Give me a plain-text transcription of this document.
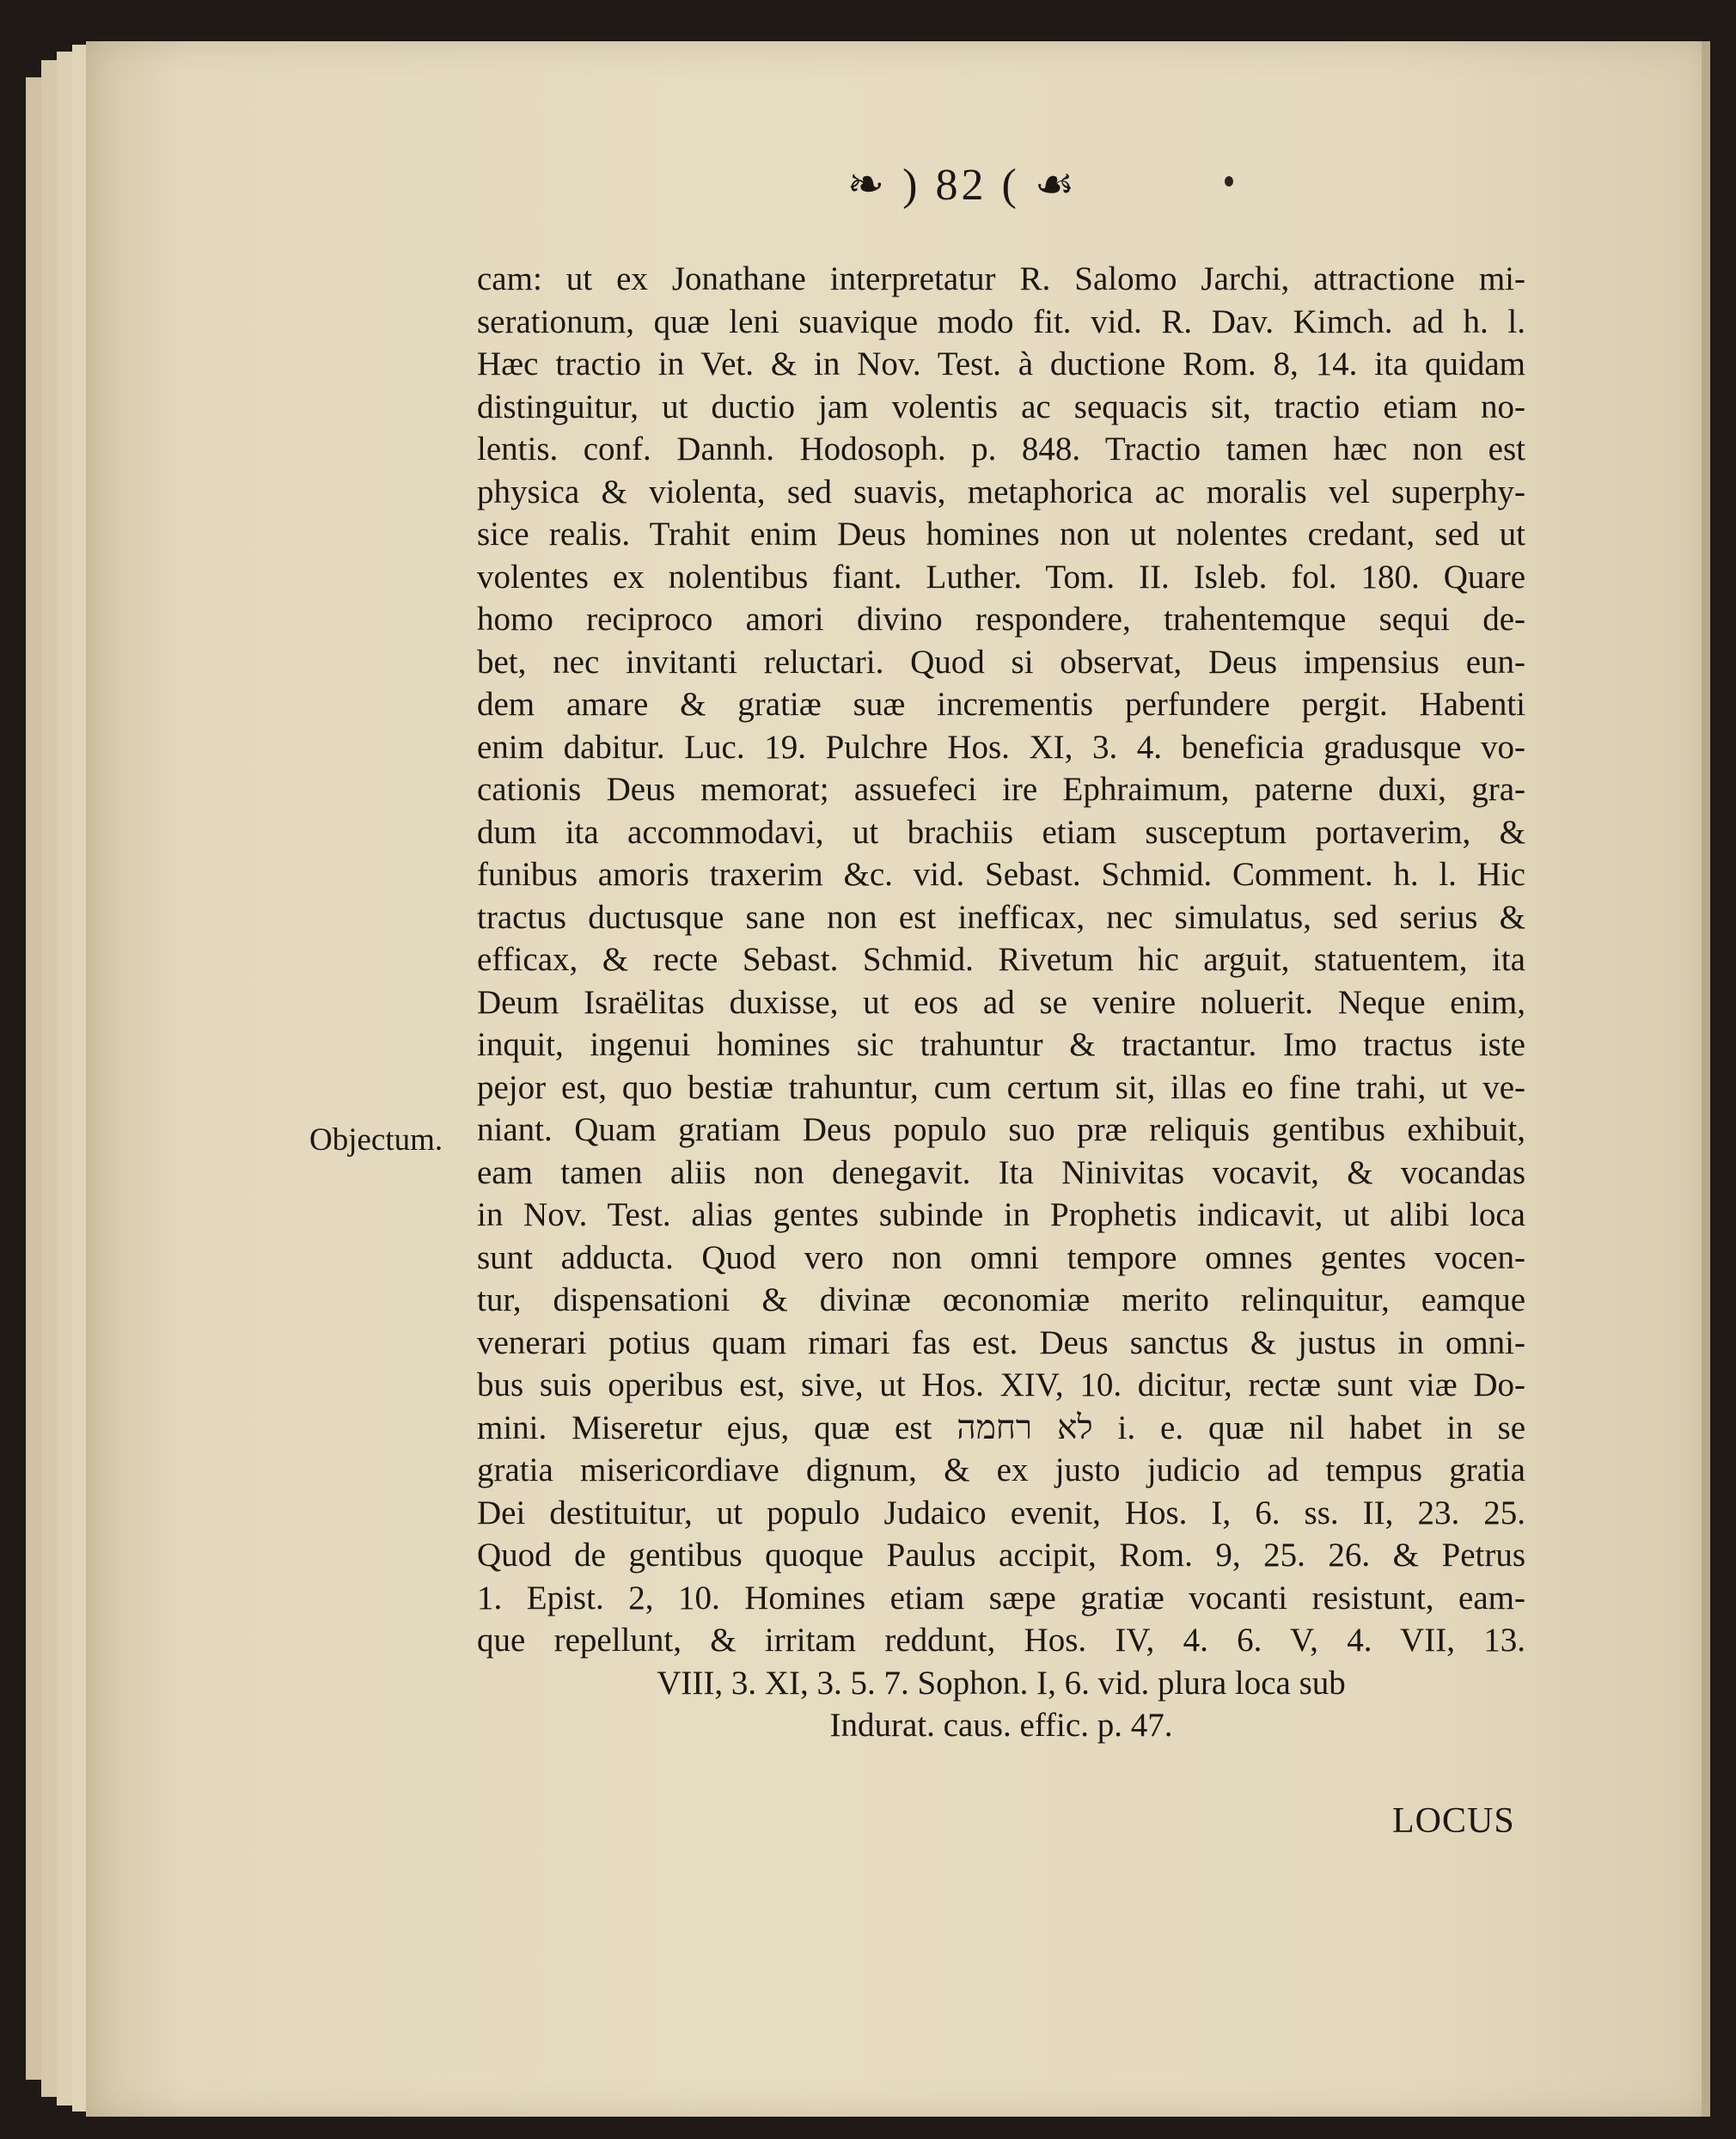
❧ ) 82 ( ☙
Objectum.
cam: ut ex Jonathane interpretatur R. Salomo Jarchi, attractione mi-
serationum, quæ leni suavique modo fit. vid. R. Dav. Kimch. ad h. l.
Hæc tractio in Vet. & in Nov. Test. à ductione Rom. 8, 14. ita quidam
distinguitur, ut ductio jam volentis ac sequacis sit, tractio etiam no-
lentis. conf. Dannh. Hodosoph. p. 848. Tractio tamen hæc non est
physica & violenta, sed suavis, metaphorica ac moralis vel superphy-
sice realis. Trahit enim Deus homines non ut nolentes credant, sed ut
volentes ex nolentibus fiant. Luther. Tom. II. Isleb. fol. 180. Quare
homo reciproco amori divino respondere, trahentemque sequi de-
bet, nec invitanti reluctari. Quod si observat, Deus impensius eun-
dem amare & gratiæ suæ incrementis perfundere pergit. Habenti
enim dabitur. Luc. 19. Pulchre Hos. XI, 3. 4. beneficia gradusque vo-
cationis Deus memorat; assuefeci ire Ephraimum, paterne duxi, gra-
dum ita accommodavi, ut brachiis etiam susceptum portaverim, &
funibus amoris traxerim &c. vid. Sebast. Schmid. Comment. h. l. Hic
tractus ductusque sane non est inefficax, nec simulatus, sed serius &
efficax, & recte Sebast. Schmid. Rivetum hic arguit, statuentem, ita
Deum Israëlitas duxisse, ut eos ad se venire noluerit. Neque enim,
inquit, ingenui homines sic trahuntur & tractantur. Imo tractus iste
pejor est, quo bestiæ trahuntur, cum certum sit, illas eo fine trahi, ut ve-
niant. Quam gratiam Deus populo suo præ reliquis gentibus exhibuit,
eam tamen aliis non denegavit. Ita Ninivitas vocavit, & vocandas
in Nov. Test. alias gentes subinde in Prophetis indicavit, ut alibi loca
sunt adducta. Quod vero non omni tempore omnes gentes vocen-
tur, dispensationi & divinæ œconomiæ merito relinquitur, eamque
venerari potius quam rimari fas est. Deus sanctus & justus in omni-
bus suis operibus est, sive, ut Hos. XIV, 10. dicitur, rectæ sunt viæ Do-
mini. Miseretur ejus, quæ est לא רחמה i. e. quæ nil habet in se
gratia misericordiave dignum, & ex justo judicio ad tempus gratia
Dei destituitur, ut populo Judaico evenit, Hos. I, 6. ss. II, 23. 25.
Quod de gentibus quoque Paulus accipit, Rom. 9, 25. 26. & Petrus
1. Epist. 2, 10. Homines etiam sæpe gratiæ vocanti resistunt, eam-
que repellunt, & irritam reddunt, Hos. IV, 4. 6. V, 4. VII, 13.
VIII, 3. XI, 3. 5. 7. Sophon. I, 6. vid. plura loca sub
Indurat. caus. effic. p. 47.
LOCUS
